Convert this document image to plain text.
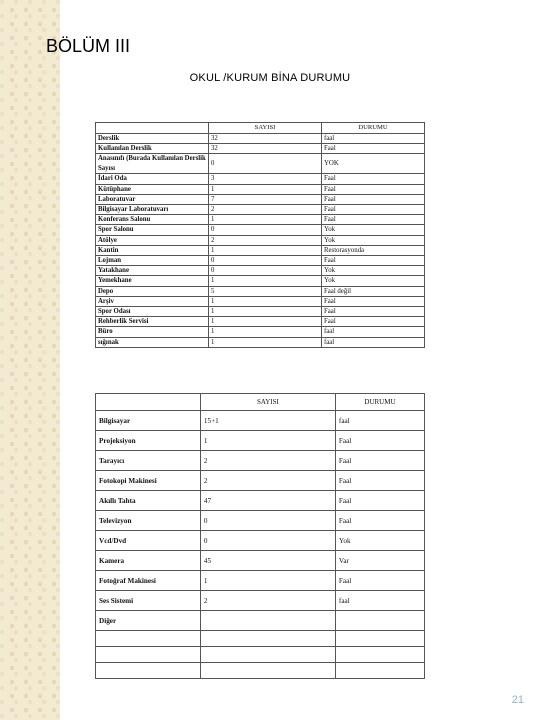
BÖLÜM III
OKUL /KURUM BİNA DURUMU
	SAYISI	DURUMU
Derslik	32	faal
Kullanılan Derslik	32	Faal
Anasınıfı (Burada Kullanılan Derslik Sayısı	0	YOK
İdari Oda	3	Faal
Kütüphane	1	Faal
Laboratuvar	7	Faal
Bilgisayar Laboratuvarı	2	Faal
Konferans Salonu	1	Faal
Spor Salonu	0	Yok
Atölye	2	Yok
Kantin	1	Restorasyonda
Lojman	0	Faal
Yatakhane	0	Yok
Yemekhane	1	Yok
Depo	5	Faal değil
Arşiv	1	Faal
Spor Odası	1	Faal
Rehberlik Servisi	1	Faal
Büro	1	faal
sığınak	1	faal
	SAYISI	DURUMU
Bilgisayar	15+1	faal
Projeksiyon	1	Faal
Tarayıcı	2	Faal
Fotokopi Makinesi	2	Faal
Akıllı Tahta	47	Faal
Televizyon	0	Faal
Vcd/Dvd	0	Yok
Kamera	45	Var
Fotoğraf Makinesi	1	Faal
Ses Sistemi	2	faal
Diğer		

21
